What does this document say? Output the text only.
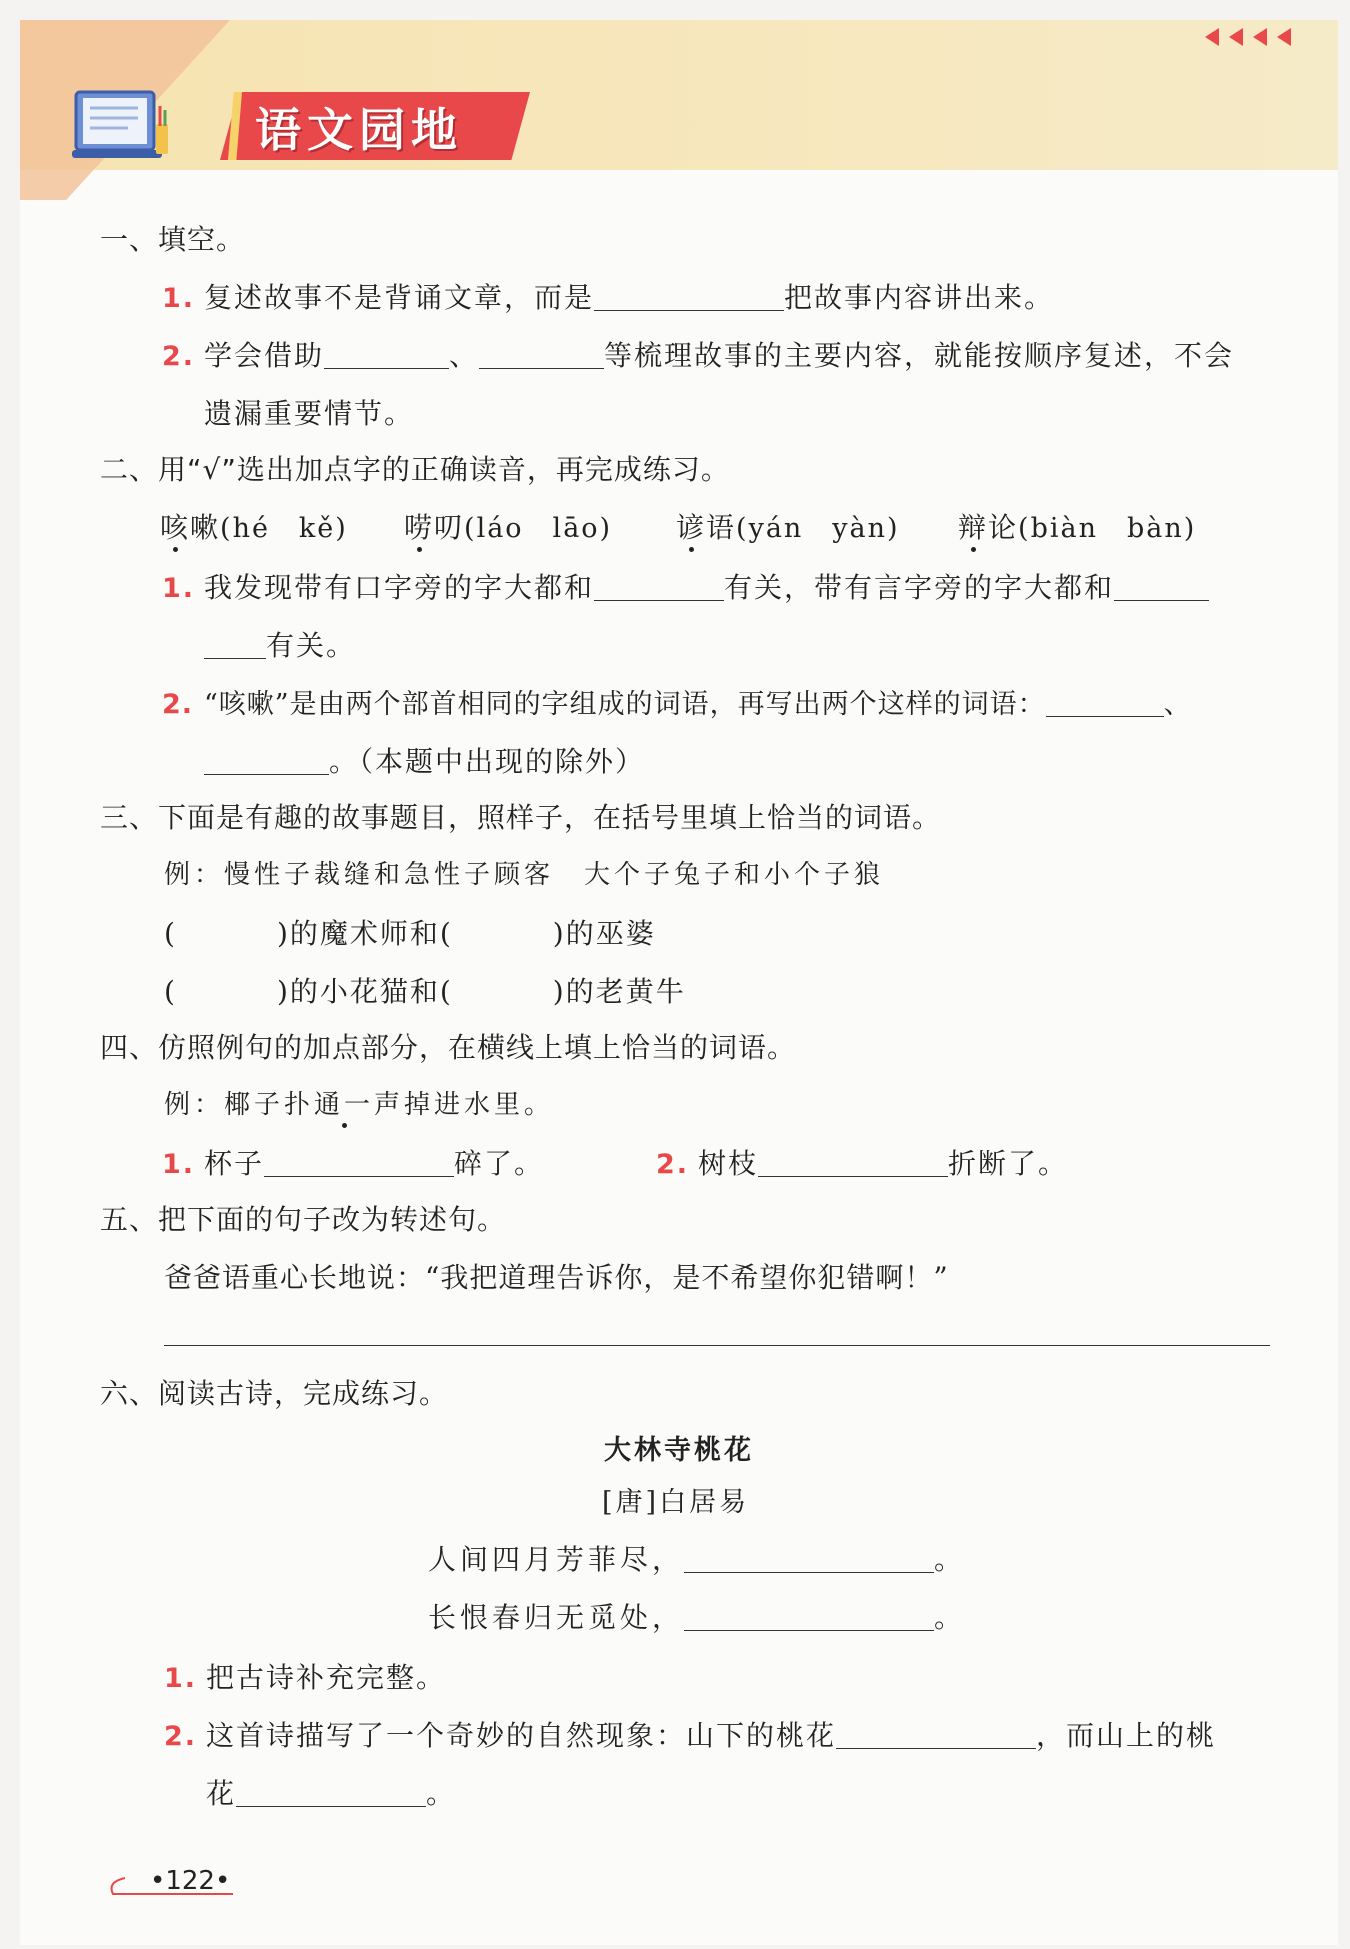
语文园地
一、填空。
1. 复述故事不是背诵文章，而是	把故事内容讲出来。
2. 学会借助	、	等梳理故事的主要内容，就能按顺序复述，不会
遗漏重要情节。
二、用“√”选出加点字的正确读音，再完成练习。
咳嗽(hé　kě) 唠叨(láo　lāo) 谚语(yán　yàn) 辩论(biàn　bàn)
1. 我发现带有口字旁的字大都和	有关，带有言字旁的字大都和
有关。
2. “咳嗽”是由两个部首相同的字组成的词语，再写出两个这样的词语：	、
。（本题中出现的除外）
三、下面是有趣的故事题目，照样子，在括号里填上恰当的词语。
例：慢性子裁缝和急性子顾客　大个子兔子和小个子狼
(	)的魔术师和(	)的巫婆
(	)的小花猫和(	)的老黄牛
四、仿照例句的加点部分，在横线上填上恰当的词语。
例：椰子扑通一声掉进水里。
1. 杯子	碎了。	2. 树枝	折断了。
五、把下面的句子改为转述句。
爸爸语重心长地说：“我把道理告诉你，是不希望你犯错啊！”
六、阅读古诗，完成练习。
大林寺桃花
[唐]白居易
人间四月芳菲尽，	。
长恨春归无觅处，	。
1. 把古诗补充完整。
2. 这首诗描写了一个奇妙的自然现象：山下的桃花	，而山上的桃
花	。
•122•
